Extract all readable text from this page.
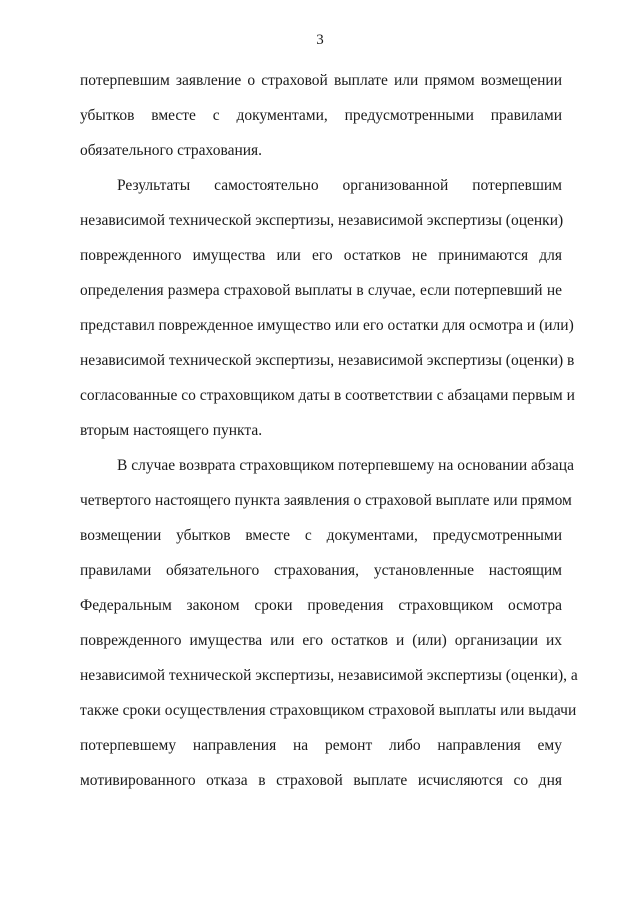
3
потерпевшим заявление о страховой выплате или прямом возмещении
убытков вместе с документами, предусмотренными правилами
обязательного страхования.
Результаты самостоятельно организованной потерпевшим
независимой технической экспертизы, независимой экспертизы (оценки)
поврежденного имущества или его остатков не принимаются для
определения размера страховой выплаты в случае, если потерпевший не
представил поврежденное имущество или его остатки для осмотра и (или)
независимой технической экспертизы, независимой экспертизы (оценки) в
согласованные со страховщиком даты в соответствии с абзацами первым и
вторым настоящего пункта.
В случае возврата страховщиком потерпевшему на основании абзаца
четвертого настоящего пункта заявления о страховой выплате или прямом
возмещении убытков вместе с документами, предусмотренными
правилами обязательного страхования, установленные настоящим
Федеральным законом сроки проведения страховщиком осмотра
поврежденного имущества или его остатков и (или) организации их
независимой технической экспертизы, независимой экспертизы (оценки), а
также сроки осуществления страховщиком страховой выплаты или выдачи
потерпевшему направления на ремонт либо направления ему
мотивированного отказа в страховой выплате исчисляются со дня
